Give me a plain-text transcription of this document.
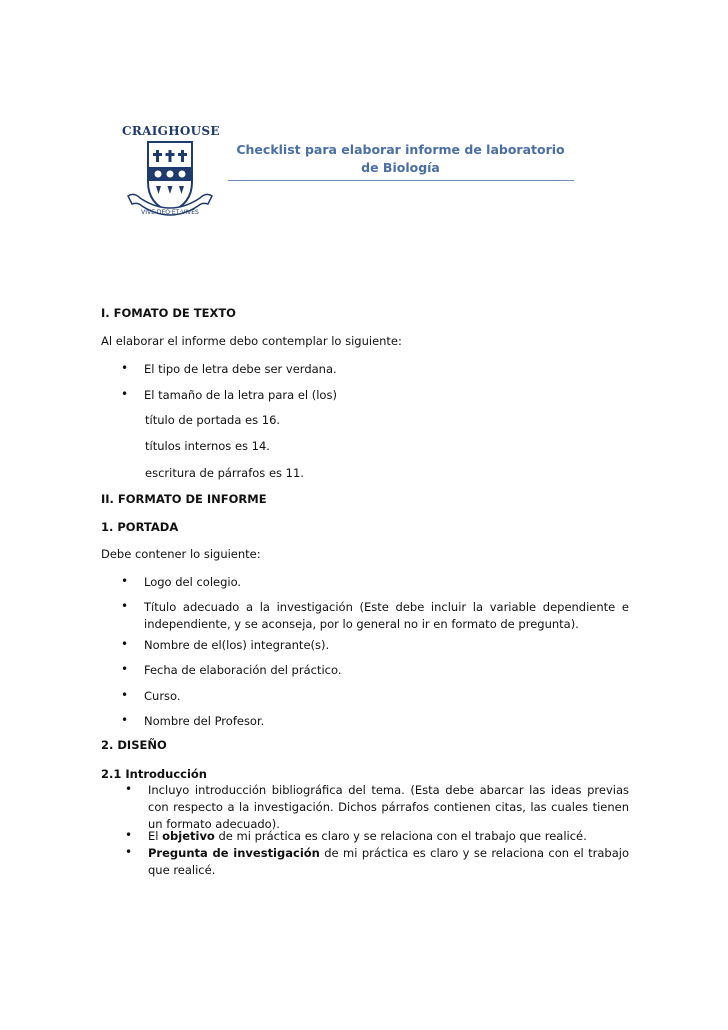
CRAIGHOUSE
VIVE·DEO·ET·VIVES
Checklist para elaborar informe de laboratorio
de Biología
I. FOMATO DE TEXTO
Al elaborar el informe debo contemplar lo siguiente:
• El tipo de letra debe ser verdana.
• El tamaño de la letra para el (los)
título de portada es 16.
títulos internos es 14.
escritura de párrafos es 11.
II. FORMATO DE INFORME
1. PORTADA
Debe contener lo siguiente:
• Logo del colegio.
• Título adecuado a la investigación (Este debe incluir la variable dependiente e independiente, y se aconseja, por lo general no ir en formato de pregunta).
• Nombre de el(los) integrante(s).
• Fecha de elaboración del práctico.
• Curso.
• Nombre del Profesor.
2. DISEÑO
2.1 Introducción
• Incluyo introducción bibliográfica del tema. (Esta debe abarcar las ideas previas con respecto a la investigación. Dichos párrafos contienen citas, las cuales tienen un formato adecuado).
• El objetivo de mi práctica es claro y se relaciona con el trabajo que realicé.
• Pregunta de investigación de mi práctica es claro y se relaciona con el trabajo que realicé.
